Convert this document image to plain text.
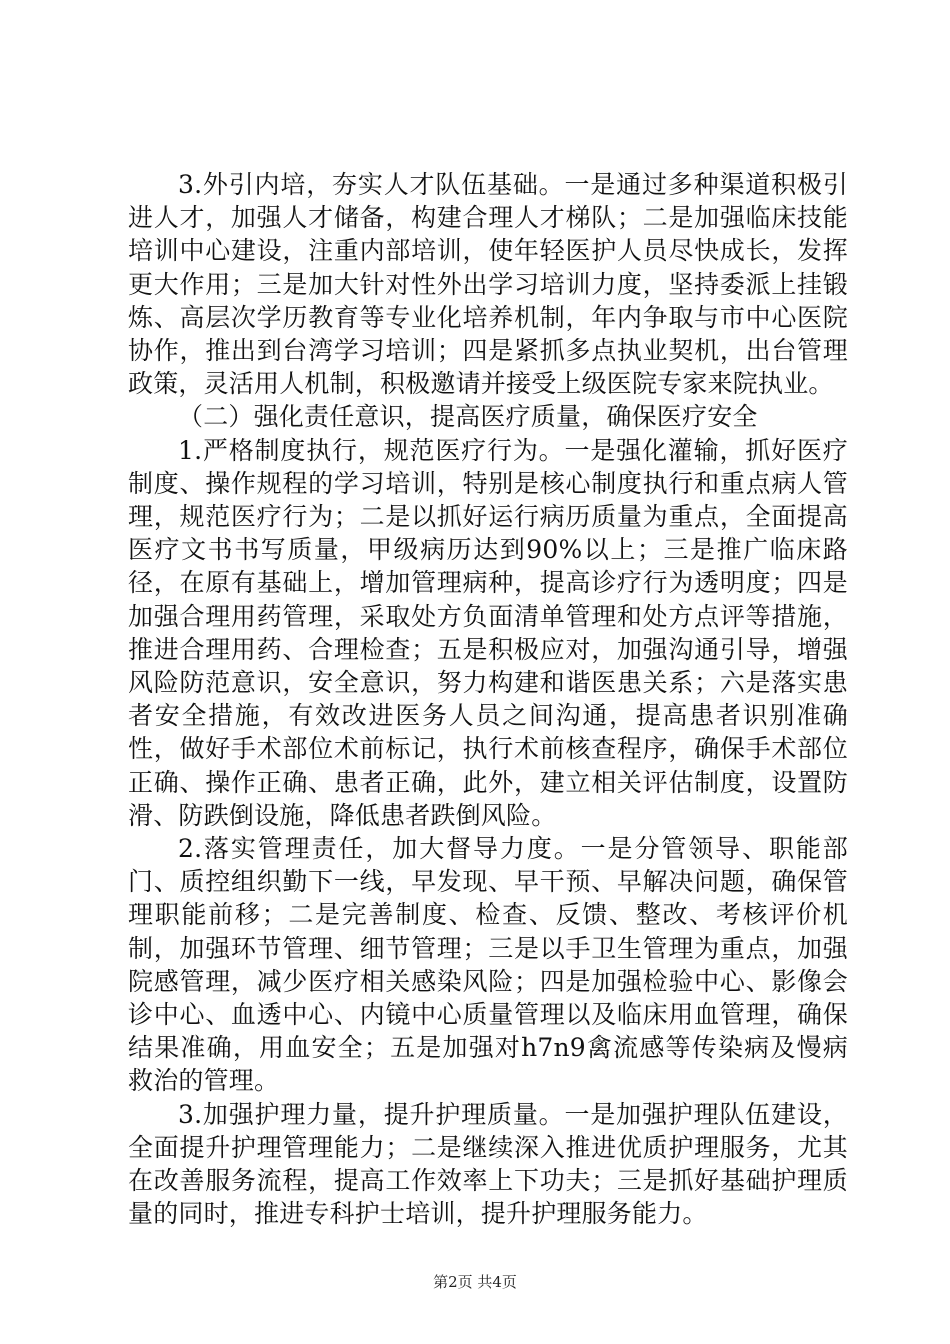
3.外引内培，夯实人才队伍基础。一是通过多种渠道积极引进人才，加强人才储备，构建合理人才梯队；二是加强临床技能培训中心建设，注重内部培训，使年轻医护人员尽快成长，发挥更大作用；三是加大针对性外出学习培训力度，坚持委派上挂锻炼、高层次学历教育等专业化培养机制，年内争取与市中心医院协作，推出到台湾学习培训；四是紧抓多点执业契机，出台管理政策，灵活用人机制，积极邀请并接受上级医院专家来院执业。

（二）强化责任意识，提高医疗质量，确保医疗安全

1.严格制度执行，规范医疗行为。一是强化灌输，抓好医疗制度、操作规程的学习培训，特别是核心制度执行和重点病人管理，规范医疗行为；二是以抓好运行病历质量为重点，全面提高医疗文书书写质量，甲级病历达到90%以上；三是推广临床路径，在原有基础上，增加管理病种，提高诊疗行为透明度；四是加强合理用药管理，采取处方负面清单管理和处方点评等措施，推进合理用药、合理检查；五是积极应对，加强沟通引导，增强风险防范意识，安全意识，努力构建和谐医患关系；六是落实患者安全措施，有效改进医务人员之间沟通，提高患者识别准确性，做好手术部位术前标记，执行术前核查程序，确保手术部位正确、操作正确、患者正确，此外，建立相关评估制度，设置防滑、防跌倒设施，降低患者跌倒风险。

2.落实管理责任，加大督导力度。一是分管领导、职能部门、质控组织勤下一线，早发现、早干预、早解决问题，确保管理职能前移；二是完善制度、检查、反馈、整改、考核评价机制，加强环节管理、细节管理；三是以手卫生管理为重点，加强院感管理，减少医疗相关感染风险；四是加强检验中心、影像会诊中心、血透中心、内镜中心质量管理以及临床用血管理，确保结果准确，用血安全；五是加强对h7n9禽流感等传染病及慢病救治的管理。

3.加强护理力量，提升护理质量。一是加强护理队伍建设，全面提升护理管理能力；二是继续深入推进优质护理服务，尤其在改善服务流程，提高工作效率上下功夫；三是抓好基础护理质量的同时，推进专科护士培训，提升护理服务能力。

第2页 共4页
